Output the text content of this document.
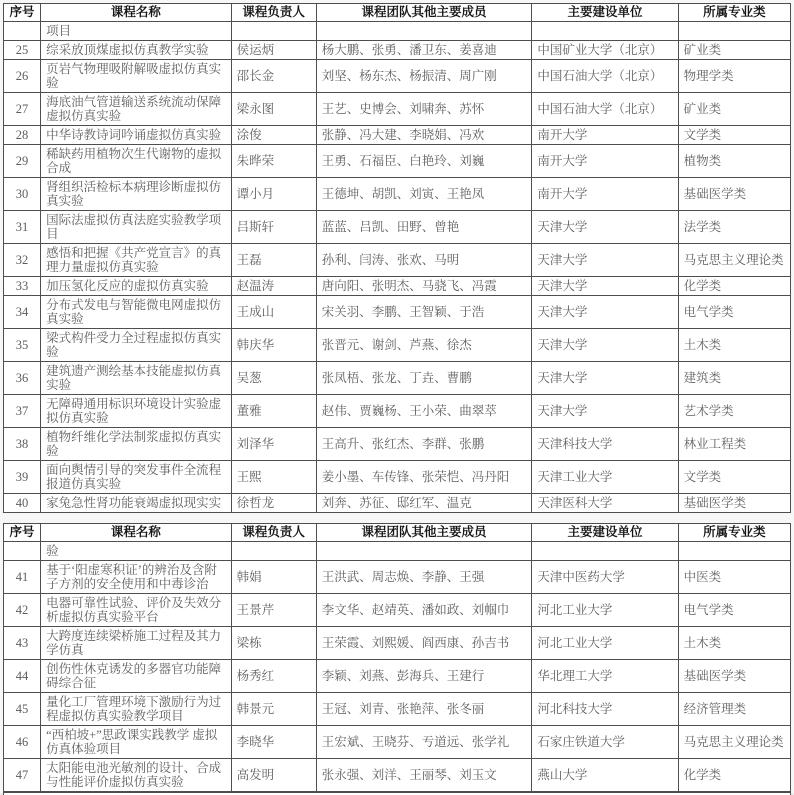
序号	课程名称	课程负责人	课程团队其他主要成员	主要建设单位	所属专业类
	项目				
25	综采放顶煤虚拟仿真教学实验	侯运炳	杨大鹏、张勇、潘卫东、姜喜迪	中国矿业大学（北京）	矿业类
26	页岩气物理吸附解吸虚拟仿真实验	邵长金	刘坚、杨东杰、杨振清、周广刚	中国石油大学（北京）	物理学类
27	海底油气管道输送系统流动保障虚拟仿真实验	梁永图	王艺、史博会、刘啸奔、苏怀	中国石油大学（北京）	矿业类
28	中华诗教诗词吟诵虚拟仿真实验	涂俊	张静、冯大建、李晓娟、冯欢	南开大学	文学类
29	稀缺药用植物次生代谢物的虚拟合成	朱晔荣	王勇、石福臣、白艳玲、刘巍	南开大学	植物类
30	肾组织活检标本病理诊断虚拟仿真实验	谭小月	王德坤、胡凯、刘寅、王艳凤	南开大学	基础医学类
31	国际法虚拟仿真法庭实验教学项目	吕斯轩	蓝蓝、吕凯、田野、曾艳	天津大学	法学类
32	感悟和把握《共产党宣言》的真理力量虚拟仿真实验	王磊	孙利、闫涛、张欢、马明	天津大学	马克思主义理论类
33	加压氢化反应的虚拟仿真实验	赵温涛	唐向阳、张明杰、马骁飞、冯霞	天津大学	化学类
34	分布式发电与智能微电网虚拟仿真实验	王成山	宋关羽、李鹏、王智颖、于浩	天津大学	电气学类
35	梁式构件受力全过程虚拟仿真实验	韩庆华	张晋元、谢剑、芦燕、徐杰	天津大学	土木类
36	建筑遗产测绘基本技能虚拟仿真实验	吴葱	张凤梧、张龙、丁垚、曹鹏	天津大学	建筑类
37	无障碍通用标识环境设计实验虚拟仿真实验	董雅	赵伟、贾巍杨、王小荣、曲翠萃	天津大学	艺术学类
38	植物纤维化学法制浆虚拟仿真实验	刘泽华	王高升、张红杰、李群、张鹏	天津科技大学	林业工程类
39	面向舆情引导的突发事件全流程报道仿真实验	王熙	姜小墨、车传锋、张荣恺、冯丹阳	天津工业大学	文学类
40	家兔急性肾功能衰竭虚拟现实实	徐哲龙	刘奔、苏征、邸红军、温克	天津医科大学	基础医学类
序号	课程名称	课程负责人	课程团队其他主要成员	主要建设单位	所属专业类
	验				
41	基于‘阳虚寒积证’的辨治及含附子方剂的安全使用和中毒诊治	韩娟	王洪武、周志焕、李静、王强	天津中医药大学	中医类
42	电器可靠性试验、评价及失效分析虚拟仿真实验平台	王景芹	李文华、赵靖英、潘如政、刘帼巾	河北工业大学	电气学类
43	大跨度连续梁桥施工过程及其力学仿真	梁栋	王荣霞、刘熙媛、阎西康、孙吉书	河北工业大学	土木类
44	创伤性休克诱发的多器官功能障碍综合征	杨秀红	李颖、刘燕、彭海兵、王建行	华北理工大学	基础医学类
45	量化工厂管理环境下激励行为过程虚拟仿真实验教学项目	韩景元	王冠、刘青、张艳萍、张冬丽	河北科技大学	经济管理类
46	“西柏坡+”思政课实践教学 虚拟仿真体验项目	李晓华	王宏斌、王晓芬、亐道远、张学礼	石家庄铁道大学	马克思主义理论类
47	太阳能电池光敏剂的设计、合成与性能评价虚拟仿真实验	高发明	张永强、刘洋、王丽琴、刘玉文	燕山大学	化学类
